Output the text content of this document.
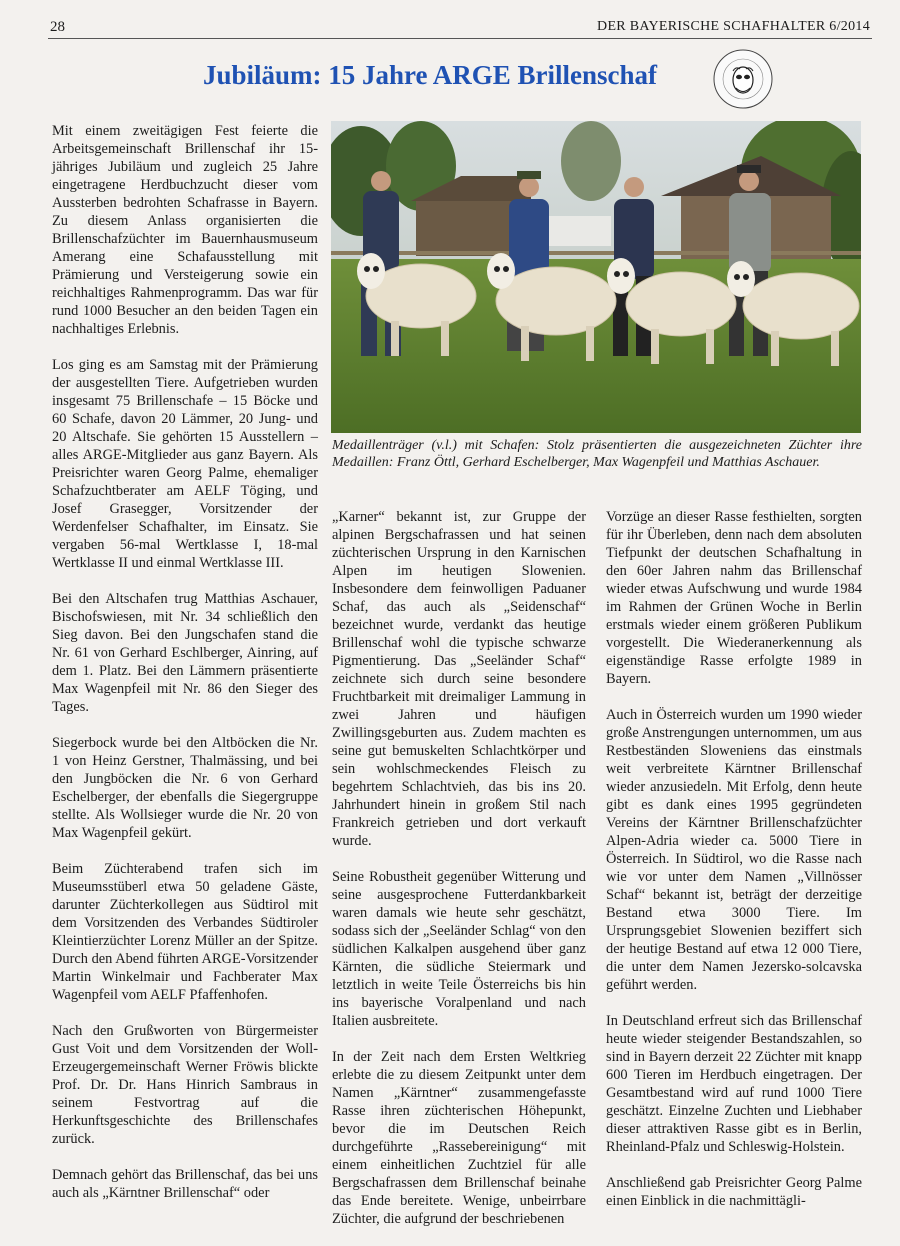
28	DER BAYERISCHE SCHAFHALTER 6/2014
Jubiläum: 15 Jahre ARGE Brillenschaf

Mit einem zweitägigen Fest feierte die Arbeitsgemeinschaft Brillenschaf ihr 15-jähriges Jubiläum und zugleich 25 Jahre eingetragene Herdbuchzucht dieser vom Aussterben bedrohten Schafrasse in Bayern. Zu diesem Anlass organisierten die Brillenschafzüchter im Bauernhausmuseum Amerang eine Schafausstellung mit Prämierung und Versteigerung sowie ein reichhaltiges Rahmenprogramm. Das war für rund 1000 Besucher an den beiden Tagen ein nachhaltiges Erlebnis.

Los ging es am Samstag mit der Prämierung der ausgestellten Tiere. Aufgetrieben wurden insgesamt 75 Brillenschafe – 15 Böcke und 60 Schafe, davon 20 Lämmer, 20 Jung- und 20 Altschafe. Sie gehörten 15 Ausstellern – alles ARGE-Mitglieder aus ganz Bayern. Als Preisrichter waren Georg Palme, ehemaliger Schafzuchtberater am AELF Töging, und Josef Grasegger, Vorsitzender der Werdenfelser Schafhalter, im Einsatz. Sie vergaben 56-mal Wertklasse I, 18-mal Wertklasse II und einmal Wertklasse III.

Bei den Altschafen trug Matthias Aschauer, Bischofswiesen, mit Nr. 34 schließlich den Sieg davon. Bei den Jungschafen stand die Nr. 61 von Gerhard Eschlberger, Ainring, auf dem 1. Platz. Bei den Lämmern präsentierte Max Wagenpfeil mit Nr. 86 den Sieger des Tages.

Siegerbock wurde bei den Altböcken die Nr. 1 von Heinz Gerstner, Thalmässing, und bei den Jungböcken die Nr. 6 von Gerhard Eschelberger, der ebenfalls die Siegergruppe stellte. Als Wollsieger wurde die Nr. 20 von Max Wagenpfeil gekürt.

Beim Züchterabend trafen sich im Museumsstüberl etwa 50 geladene Gäste, darunter Züchterkollegen aus Südtirol mit dem Vorsitzenden des Verbandes Südtiroler Kleintierzüchter Lorenz Müller an der Spitze. Durch den Abend führten ARGE-Vorsitzender Martin Winkelmair und Fachberater Max Wagenpfeil vom AELF Pfaffenhofen.

Nach den Grußworten von Bürgermeister Gust Voit und dem Vorsitzenden der Woll-Erzeugergemeinschaft Werner Fröwis blickte Prof. Dr. Dr. Hans Hinrich Sambraus in seinem Festvortrag auf die Herkunftsgeschichte des Brillenschafes zurück.

Demnach gehört das Brillenschaf, das bei uns auch als „Kärntner Brillenschaf“ oder

Medaillenträger (v.l.) mit Schafen: Stolz präsentierten die ausgezeichneten Züchter ihre Medaillen: Franz Öttl, Gerhard Eschelberger, Max Wagenpfeil und Matthias Aschauer.

„Karner“ bekannt ist, zur Gruppe der alpinen Bergschafrassen und hat seinen züchterischen Ursprung in den Karnischen Alpen im heutigen Slowenien. Insbesondere dem feinwolligen Paduaner Schaf, das auch als „Seidenschaf“ bezeichnet wurde, verdankt das heutige Brillenschaf wohl die typische schwarze Pigmentierung. Das „Seeländer Schaf“ zeichnete sich durch seine besondere Fruchtbarkeit mit dreimaliger Lammung in zwei Jahren und häufigen Zwillingsgeburten aus. Zudem machten es seine gut bemuskelten Schlachtkörper und sein wohlschmeckendes Fleisch zu begehrtem Schlachtvieh, das bis ins 20. Jahrhundert hinein in großem Stil nach Frankreich getrieben und dort verkauft wurde.

Seine Robustheit gegenüber Witterung und seine ausgesprochene Futterdankbarkeit waren damals wie heute sehr geschätzt, sodass sich der „Seeländer Schlag“ von den südlichen Kalkalpen ausgehend über ganz Kärnten, die südliche Steiermark und letztlich in weite Teile Österreichs bis hin ins bayerische Voralpenland und nach Italien ausbreitete.

In der Zeit nach dem Ersten Weltkrieg erlebte die zu diesem Zeitpunkt unter dem Namen „Kärntner“ zusammengefasste Rasse ihren züchterischen Höhepunkt, bevor die im Deutschen Reich durchgeführte „Rassebereinigung“ mit einem einheitlichen Zuchtziel für alle Bergschafrassen dem Brillenschaf beinahe das Ende bereitete. Wenige, unbeirrbare Züchter, die aufgrund der beschriebenen

Vorzüge an dieser Rasse festhielten, sorgten für ihr Überleben, denn nach dem absoluten Tiefpunkt der deutschen Schafhaltung in den 60er Jahren nahm das Brillenschaf wieder etwas Aufschwung und wurde 1984 im Rahmen der Grünen Woche in Berlin erstmals wieder einem größeren Publikum vorgestellt. Die Wiederanerkennung als eigenständige Rasse erfolgte 1989 in Bayern.

Auch in Österreich wurden um 1990 wieder große Anstrengungen unternommen, um aus Restbeständen Sloweniens das einstmals weit verbreitete Kärntner Brillenschaf wieder anzusiedeln. Mit Erfolg, denn heute gibt es dank eines 1995 gegründeten Vereins der Kärntner Brillenschafzüchter Alpen-Adria wieder ca. 5000 Tiere in Österreich. In Südtirol, wo die Rasse nach wie vor unter dem Namen „Villnösser Schaf“ bekannt ist, beträgt der derzeitige Bestand etwa 3000 Tiere. Im Ursprungsgebiet Slowenien beziffert sich der heutige Bestand auf etwa 12 000 Tiere, die unter dem Namen Jezersko-solcavska geführt werden.

In Deutschland erfreut sich das Brillenschaf heute wieder steigender Bestandszahlen, so sind in Bayern derzeit 22 Züchter mit knapp 600 Tieren im Herdbuch eingetragen. Der Gesamtbestand wird auf rund 1000 Tiere geschätzt. Einzelne Zuchten und Liebhaber dieser attraktiven Rasse gibt es in Berlin, Rheinland-Pfalz und Schleswig-Holstein.

Anschließend gab Preisrichter Georg Palme einen Einblick in die nachmittägli-
